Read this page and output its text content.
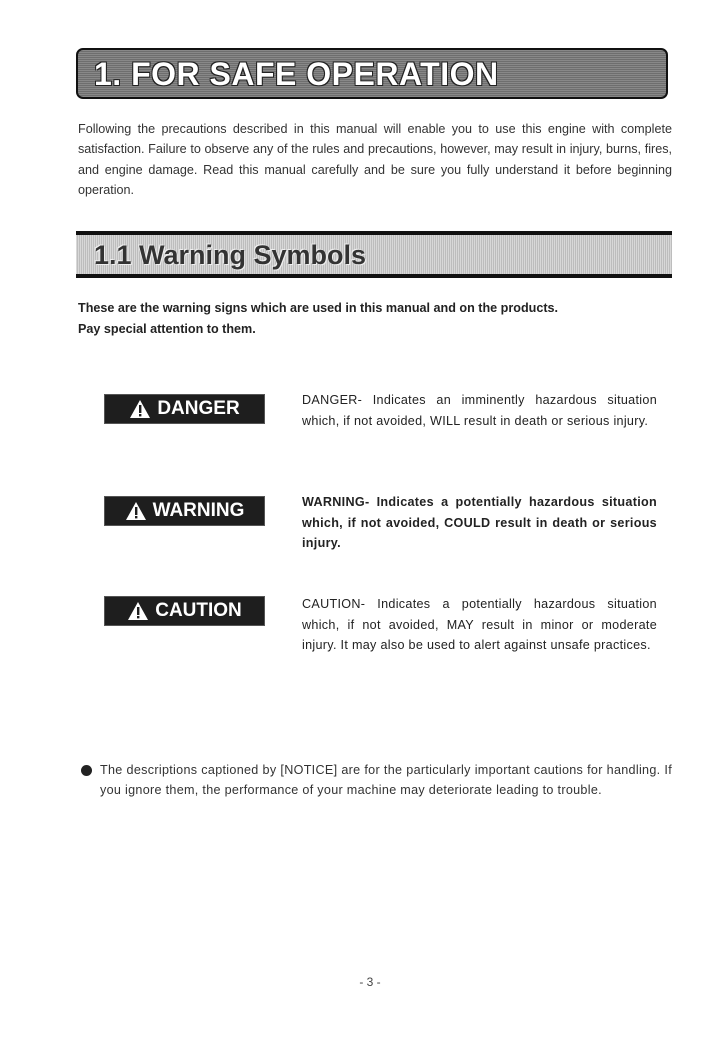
1. FOR SAFE OPERATION
Following the precautions described in this manual will enable you to use this engine with complete satisfaction. Failure to observe any of the rules and precautions, however, may result in injury, burns, fires, and engine damage. Read this manual carefully and be sure you fully understand it before beginning operation.
1.1 Warning Symbols
These are the warning signs which are used in this manual and on the products.
Pay special attention to them.
DANGER	DANGER- Indicates an imminently hazardous situation which, if not avoided, WILL result in death or serious injury.
WARNING	WARNING- Indicates a potentially hazardous situation which, if not avoided, COULD result in death or serious injury.
CAUTION	CAUTION- Indicates a potentially hazardous situation which, if not avoided, MAY result in minor or moderate injury. It may also be used to alert against unsafe practices.
The descriptions captioned by [NOTICE] are for the particularly important cautions for handling. If you ignore them, the performance of your machine may deteriorate leading to trouble.
- 3 -
